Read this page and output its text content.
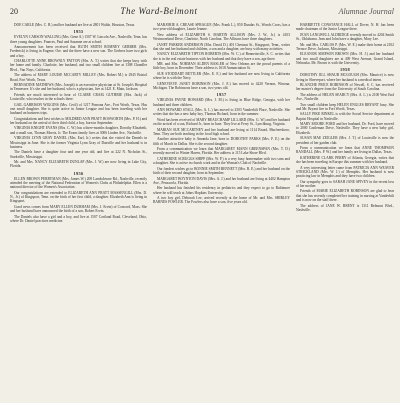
20	The Ward-Belmont	Alumnae Journal
DOE CARLE (Mrs. C. B.) and her husband are live at 2801 Waldo, Houston, Texas.
1955
EVELYN CARSON WALLING (Mrs. Gene A.) 1507 W. Lincoln Ave., Nashville, Tenn. has three young daughters. Frances, Paul and Suzanne are at school.
Announcement has been received that RUTH SMITH ROMNEY GERBER (Mrs. Frederick) is living in Eugene, Ore. and the three have a new son. The Gerbers have two girls and a boy.
CHARLOTTE ANNE BROWNLY PATTON (Mrs. A. T.) writes that she keeps busy with her home and family. Charlotte, her husband, and two small children live at 1308 Chandler Blvd., Van Nuys, California.
The address of MARY LOUISE MCCARTY MILLEY (Mrs. Robert M.) is 2945 Bristol Road, Fort Worth, Texas.
BERNADINE MATHEWS (Mrs. Joseph) is an executive physician at St. Joseph's Hospital in Tennessee. It's she and her husband, who is a physician, live at 1421 E. Main, Jackson.
Friends are much interested to hear of CLAIRE CRAIG GUTHRIE (Mrs. Jack) of Louisville, who teaches in the schools there.
GAIL GARRISON WIGGINS (Mrs. Cecil) of 1217 Pomona Ave., Fort Worth, Texas. Has one small daughter. She is quite active in Junior League and has been traveling with her husband on business trips.
Congratulations and best wishes to MILDRED ANN PRATT BOSWORTH (Mrs. P. H.) and her husband on the arrival of their third child, a boy, born in September.
VIRGINIA KNIGHT EVANS (Mrs. C. W.) has a three-months daughter, Dorothy Elizabeth, and a small son, Thomas Morris, Jr. The Evans family lives at 3006 Linden Ave., Nashville.
VIRGINIA LYNN GRAY DANIEL (Mrs. Earl, Jr.) writes that she visited the Daniels in Mississippi in June. She is the former Virginia Lynn Gray of Danville and her husband is in business.
The Daniels have a daughter four and one year old, and live at 222 N. Nicholas St., Starkville, Mississippi.
Mr. and Mrs. NANCY ELIZABETH DUNLAP (Mrs. J. W.) are now living in Lake City, Florida.
1956
ELLEN BROWN PERRYMAN (Mrs. James W.) 208 Landsdowne Rd., Nashville, recently attended the meeting of the National Federation of Women's Clubs at Philadelphia. Ellen is a national director of the Women's Association.
Our congratulations are extended to ELIZABETH ANN PRATT MASSENGILL (Mrs. D. N., Jr.) of Kingsport, Tenn. on the birth of her first child, a daughter. Elizabeth Ann is living in Kingsport.
Good news comes from MARY ELLEN DURHAM (Mrs. J. Ervin) of Concord, Mass. She and her husband have announced the birth of a son, Robert Ervin.
The Daniels also have a girl and a boy, and live at 1507 Cortland Road, Cleveland, Ohio, where Dr. Daniel practices medicine.
MARJORIE A. CREASE SPRAGUE (Mrs. Frank L.), 850 Dundas St., Woods Cross, has a two-year-old daughter, Laurie Jeanne.
New address of ELIZABETH S. MARTIN ALLISON (Mrs. J. W., Jr.) is 4103 Westmoreland Drive, Charlotte, North Carolina. The Allisons have three daughters.
JANET PARKER ANDERSON (Mrs. David D.) 401 Chestnut St., Kingsport, Tenn., writes that she and her husband and children, a son and a daughter, are busy with many activities.
NANCY ELIZABETH TIPTON ROBERTS (Mrs. W. C.) of Bennettsville, S. C. writes that she is in the real estate business with her husband and that they have a son, age three.
MR. and Mrs. NORMAN ALDEN BASLER of New Orleans are the proud parents of a little boy, born in December. Their address is 1618 Annunciation St.
SUE STODDART BETTLER (Mrs. E. E.) and her husband are now living in California where he is with the Navy.
GENEVIEVE JANET ROBINSON (Mrs. J. E.) has moved to 4220 Vernon, Winona, Michigan. The Robinsons have a son, two years old.
1957
VIRGINIA PAYNE HOWARD (Mrs. J. M.) is living in Blue Ridge, Georgia, with her husband and three children.
ANN HOWARD STALL (Mrs. A. L.) has moved to 2503 Vanderbilt Place, Nashville. She writes that she has a new baby boy, Thomas Richard, born in the summer.
Word has been received of MARY BEAUCHAMP LILLARD (Mrs. G. W.) and her husband on the arrival of a son, Richard Jr., born in June. They live at Ferry St., Lynchburg, Virginia.
MARIAN SUE MCCARTNEY and her husband are living at 1114 Broad, Murfreesboro, Tenn. They are both teaching in the local high school.
Another attractive baby is Amanda Jane, born to DOROTHY PARKS (Mrs. F. E.) on the fifth of March in Dallas. She is the second daughter.
From a communication we learn that MARGARET MANN GREENSPAN (Mrs. T. D.) recently moved to Winter Haven, Florida. Her address is 115 Lake Shore Blvd.
CATHERINE SCRUGGS SHIPP (Mrs. W. P.) is a very busy homemaker with two sons and a daughter. She is active in church work and in the Woman's Club of Nashville.
Our fondest wishes go to BONNIE SMITH BENNETT (Mrs. R. E.) and her husband on the birth of their second daughter, born in September.
MARGARET BOYNTON DAVIS (Mrs. A. J.) and her husband are living at 4402 Hampton Ave., Pensacola, Florida.
Her husband has finished his residency in pediatrics and they expect to go to Baltimore where he will teach at Johns Hopkins University.
A two boy girl, Deborah Lee, arrived recently at the home of Mr. and Mrs. SHIRLEY BARNES FOWLER. The Fowlers also have a son, five years old.
HARRIETTE CONSTANCE HALL of Dover, N. H. has been made chairman of the Junior League there.
JEAN LANGWELL ALDRIDGE recently moved to 4204 Smith St., Oklahoma. Jean and John have a daughter, Mary Lee.
Mr. and Mrs. CARLOS P. (Mrs. W. E.) make their home at 2102 Terrace Drive, Jackson, Mississippi.
ELEANOR SIMPSON BROWN (Mrs. H. J.) and her husband and two small daughters are at 409 West Avenue, Grand Island, Nebraska. Mr. Brown is with the University.
1958
DOROTHY JILL SHAUB MCGOUGH (Mrs. Maurice) is now living in Shreveport, where her husband is a medical intern.
BLANCHE PRICE ROBINSON of Newell, S. C. has received her master's degree from the University of South Carolina.
The address of HELEN SEARCY (Mrs. A. L.) is 2100 West End Ave., Nashville.
Two small children keep HELEN ENGLES BRYANT busy. She and Mr. Bryant live in Fort Worth, Texas.
SALLY PIKE RINKEL is with the Social Service department at Baptist Hospital in Nashville.
MARY MOORE FORD and her husband, Dr. Ford, have moved to 2000 Castleman Drive, Nashville. They have a new baby girl, Elizabeth.
SUSAN MAE ZEIGLER (Mrs. J. T.) of Louisville is now the president of her garden club.
From a communication we learn that ANNE THOMPSON RANDALL (Mrs. P. W.) and her family are living in Dallas, Texas.
KATHERINE CLARK PERRY of Atlanta, Georgia, writes that she has been traveling in Europe this summer with her husband.
A very interesting letter came from PATRICIA ANN WEAVER STRICKLAND (Mrs. W. J.) of Memphis. Her husband is now practicing law in Memphis and they have two children.
Our sympathy goes to SARAH JANE SPIVEY in the recent loss of her mother.
Friends of MARIE ELIZABETH ROBINSON are glad to hear that she has recently completed her training in nursing at Vanderbilt and is now on the staff there.
The address of JANE W. BRENT is 1311 Belmont Blvd., Nashville.
